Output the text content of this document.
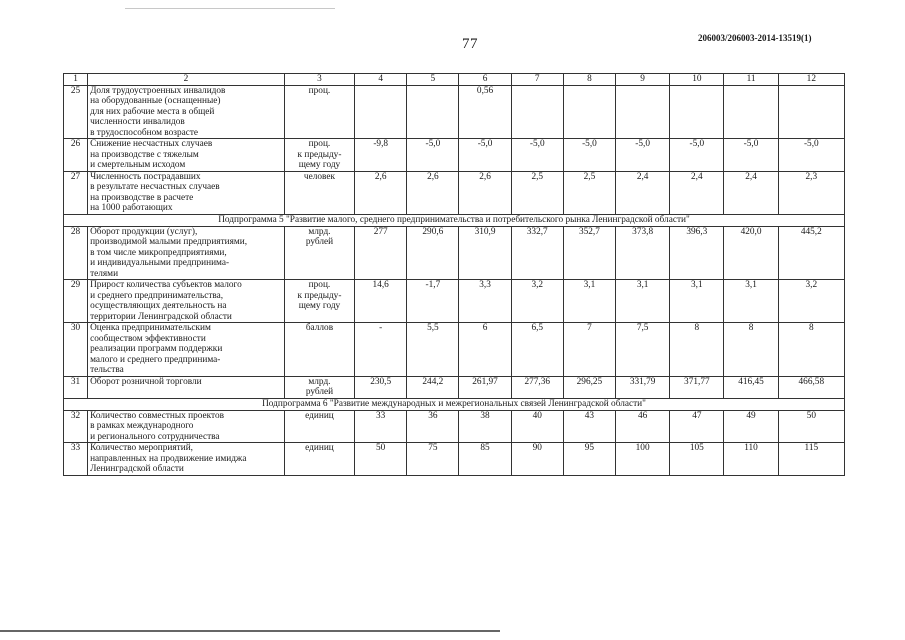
77	206003/206003-2014-13519(1)
1	2	3	4	5	6	7	8	9	10	11	12
25	Доля трудоустроенных инвалидов
на оборудованные (оснащенные)
для них рабочие места в общей
численности инвалидов
в трудоспособном возрасте	проц.			0,56						
26	Снижение несчастных случаев
на производстве с тяжелым
и смертельным исходом	проц.
к предыду-
щему году	-9,8	-5,0	-5,0	-5,0	-5,0	-5,0	-5,0	-5,0	-5,0
27	Численность пострадавших
в результате несчастных случаев
на производстве в расчете
на 1000 работающих	человек	2,6	2,6	2,6	2,5	2,5	2,4	2,4	2,4	2,3
Подпрограмма 5 "Развитие малого, среднего предпринимательства и потребительского рынка Ленинградской области"											
28	Оборот продукции (услуг),
производимой малыми предприятиями,
в том числе микропредприятиями,
и индивидуальными предпринима-
телями	млрд.
рублей	277	290,6	310,9	332,7	352,7	373,8	396,3	420,0	445,2
29	Прирост количества субъектов малого
и среднего предпринимательства,
осуществляющих деятельность на
территории Ленинградской области	проц.
к предыду-
щему году	14,6	-1,7	3,3	3,2	3,1	3,1	3,1	3,1	3,2
30	Оценка предпринимательским
сообществом эффективности
реализации программ поддержки
малого и среднего предпринима-
тельства	баллов	-	5,5	6	6,5	7	7,5	8	8	8
31	Оборот розничной торговли	млрд.
рублей	230,5	244,2	261,97	277,36	296,25	331,79	371,77	416,45	466,58
Подпрограмма 6 "Развитие международных и межрегиональных связей Ленинградской области"											
32	Количество совместных проектов
в рамках международного
и регионального сотрудничества	единиц	33	36	38	40	43	46	47	49	50
33	Количество мероприятий,
направленных на продвижение имиджа
Ленинградской области	единиц	50	75	85	90	95	100	105	110	115
